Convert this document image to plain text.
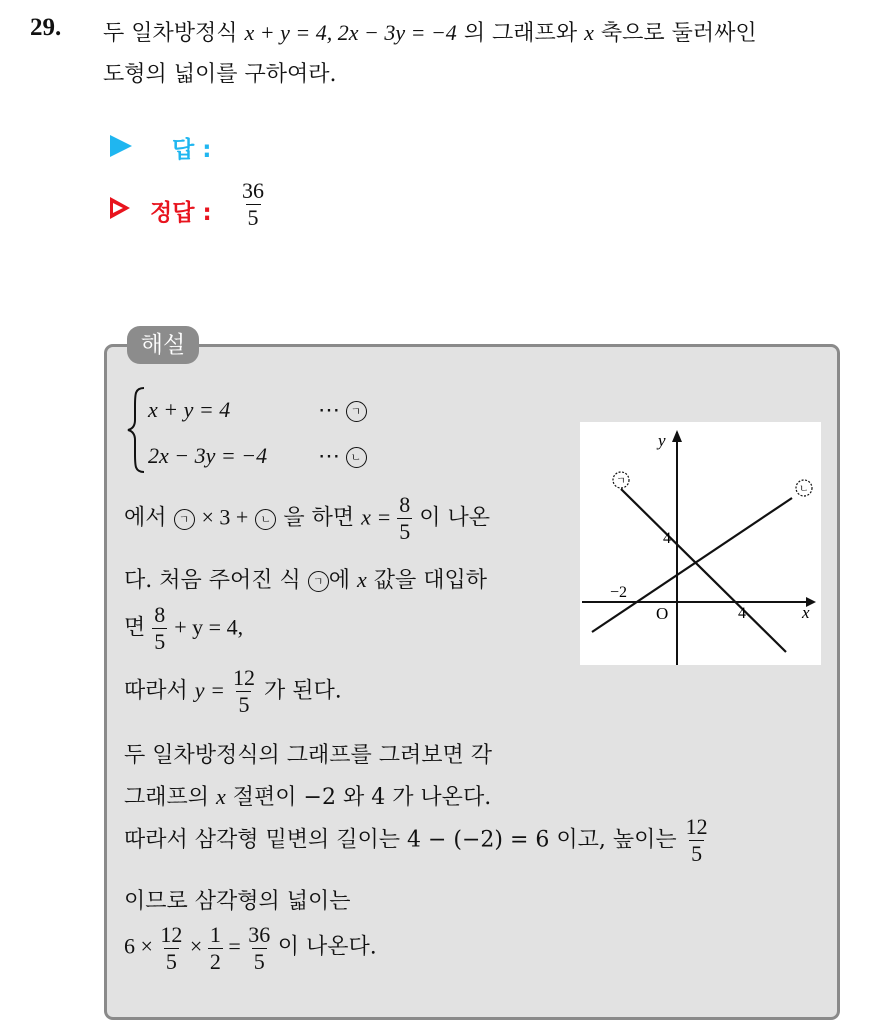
29. 두 일차방정식 x + y = 4, 2x − 3y = −4 의 그래프와 x 축으로 둘러싸인
도형의 넓이를 구하여라.
답 :
정답 : $\frac{36}{5}$
해설
x + y = 4	⋯ ㄱ
2x − 3y = −4 ⋯ ㄴ
에서 ㄱ × 3 + ㄴ 을 하면 $x = \frac{8}{5}$ 이 나온
다. 처음 주어진 식 ㄱ 에 x 값을 대입하
면 $\frac{8}{5} + y = 4$,
따라서 $y = \frac{12}{5}$ 가 된다.
두 일차방정식의 그래프를 그려보면 각
그래프의 x 절편이 −2 와 4 가 나온다.
따라서 삼각형 밑변의 길이는 4 − (−2) = 6 이고, 높이는 $\frac{12}{5}$
이므로 삼각형의 넓이는
$6 \times \frac{12}{5} \times \frac{1}{2} = \frac{36}{5}$ 이 나온다.
ㄱ
ㄴ
y
x
O
4
−2
4
